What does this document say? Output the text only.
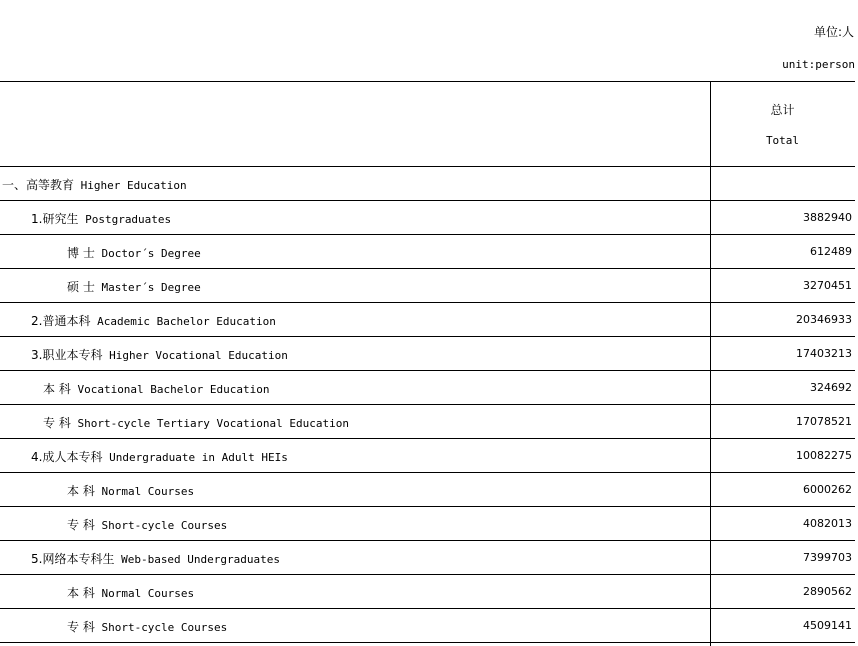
单位:人
unit:person
总计
Total
一、高等教育 Higher Education
1.研究生 Postgraduates	3882940
博 士 Doctor´s Degree	612489
硕 士 Master´s Degree	3270451
2.普通本科 Academic Bachelor Education	20346933
3.职业本专科 Higher Vocational Education	17403213
本 科 Vocational Bachelor Education	324692
专 科 Short-cycle Tertiary Vocational Education	17078521
4.成人本专科 Undergraduate in Adult HEIs	10082275
本 科 Normal Courses	6000262
专 科 Short-cycle Courses	4082013
5.网络本专科生 Web-based Undergraduates	7399703
本 科 Normal Courses	2890562
专 科 Short-cycle Courses	4509141
